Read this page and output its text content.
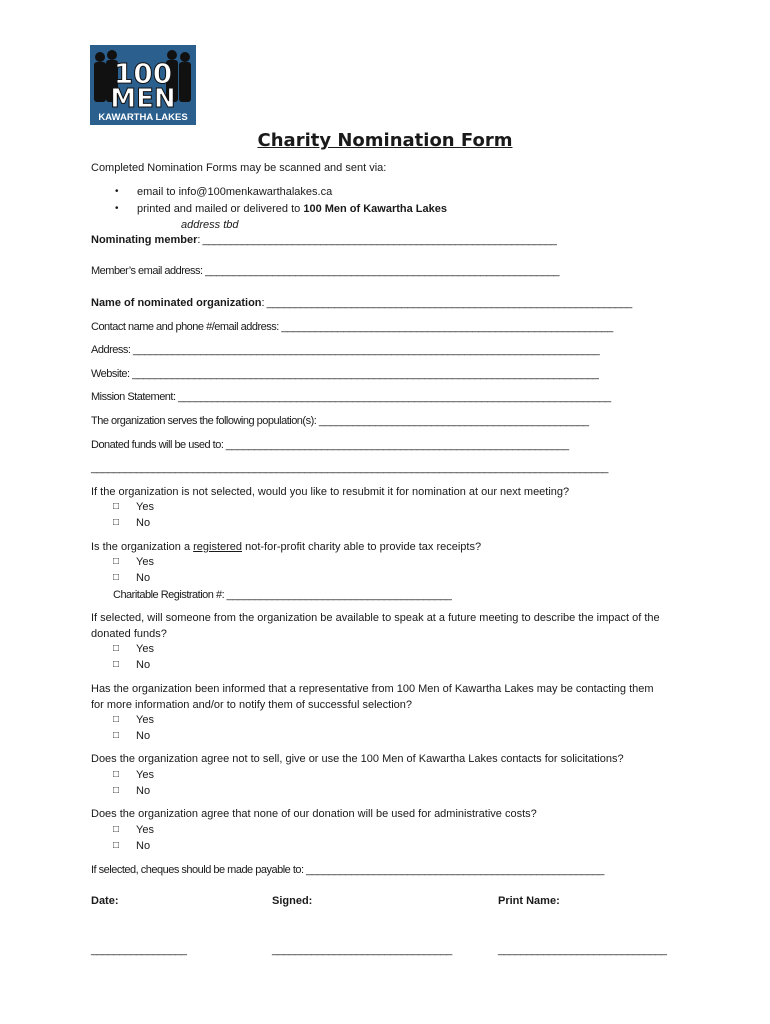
100
MEN
KAWARTHA LAKES
Charity Nomination Form
Completed Nomination Forms may be scanned and sent via:
• email to info@100menkawarthalakes.ca
• printed and mailed or delivered to 100 Men of Kawartha Lakes
address tbd
Nominating member: _______________________________________________________________
Member’s email address: _______________________________________________________________
Name of nominated organization: _________________________________________________________________
Contact name and phone #/email address: ___________________________________________________________
Address: ___________________________________________________________________________________
Website: ___________________________________________________________________________________
Mission Statement: _____________________________________________________________________________
The organization serves the following population(s): ________________________________________________
Donated funds will be used to: _____________________________________________________________
____________________________________________________________________________________________
If the organization is not selected, would you like to resubmit it for nomination at our next meeting?
□ Yes
□ No
Is the organization a registered not-for-profit charity able to provide tax receipts?
□ Yes
□ No
Charitable Registration #: ________________________________________
If selected, will someone from the organization be available to speak at a future meeting to describe the impact of the
donated funds?
□ Yes
□ No
Has the organization been informed that a representative from 100 Men of Kawartha Lakes may be contacting them
for more information and/or to notify them of successful selection?
□ Yes
□ No
Does the organization agree not to sell, give or use the 100 Men of Kawartha Lakes contacts for solicitations?
□ Yes
□ No
Does the organization agree that none of our donation will be used for administrative costs?
□ Yes
□ No
If selected, cheques should be made payable to: _____________________________________________________
Date:	Signed:	Print Name:
_________________	________________________________	______________________________
